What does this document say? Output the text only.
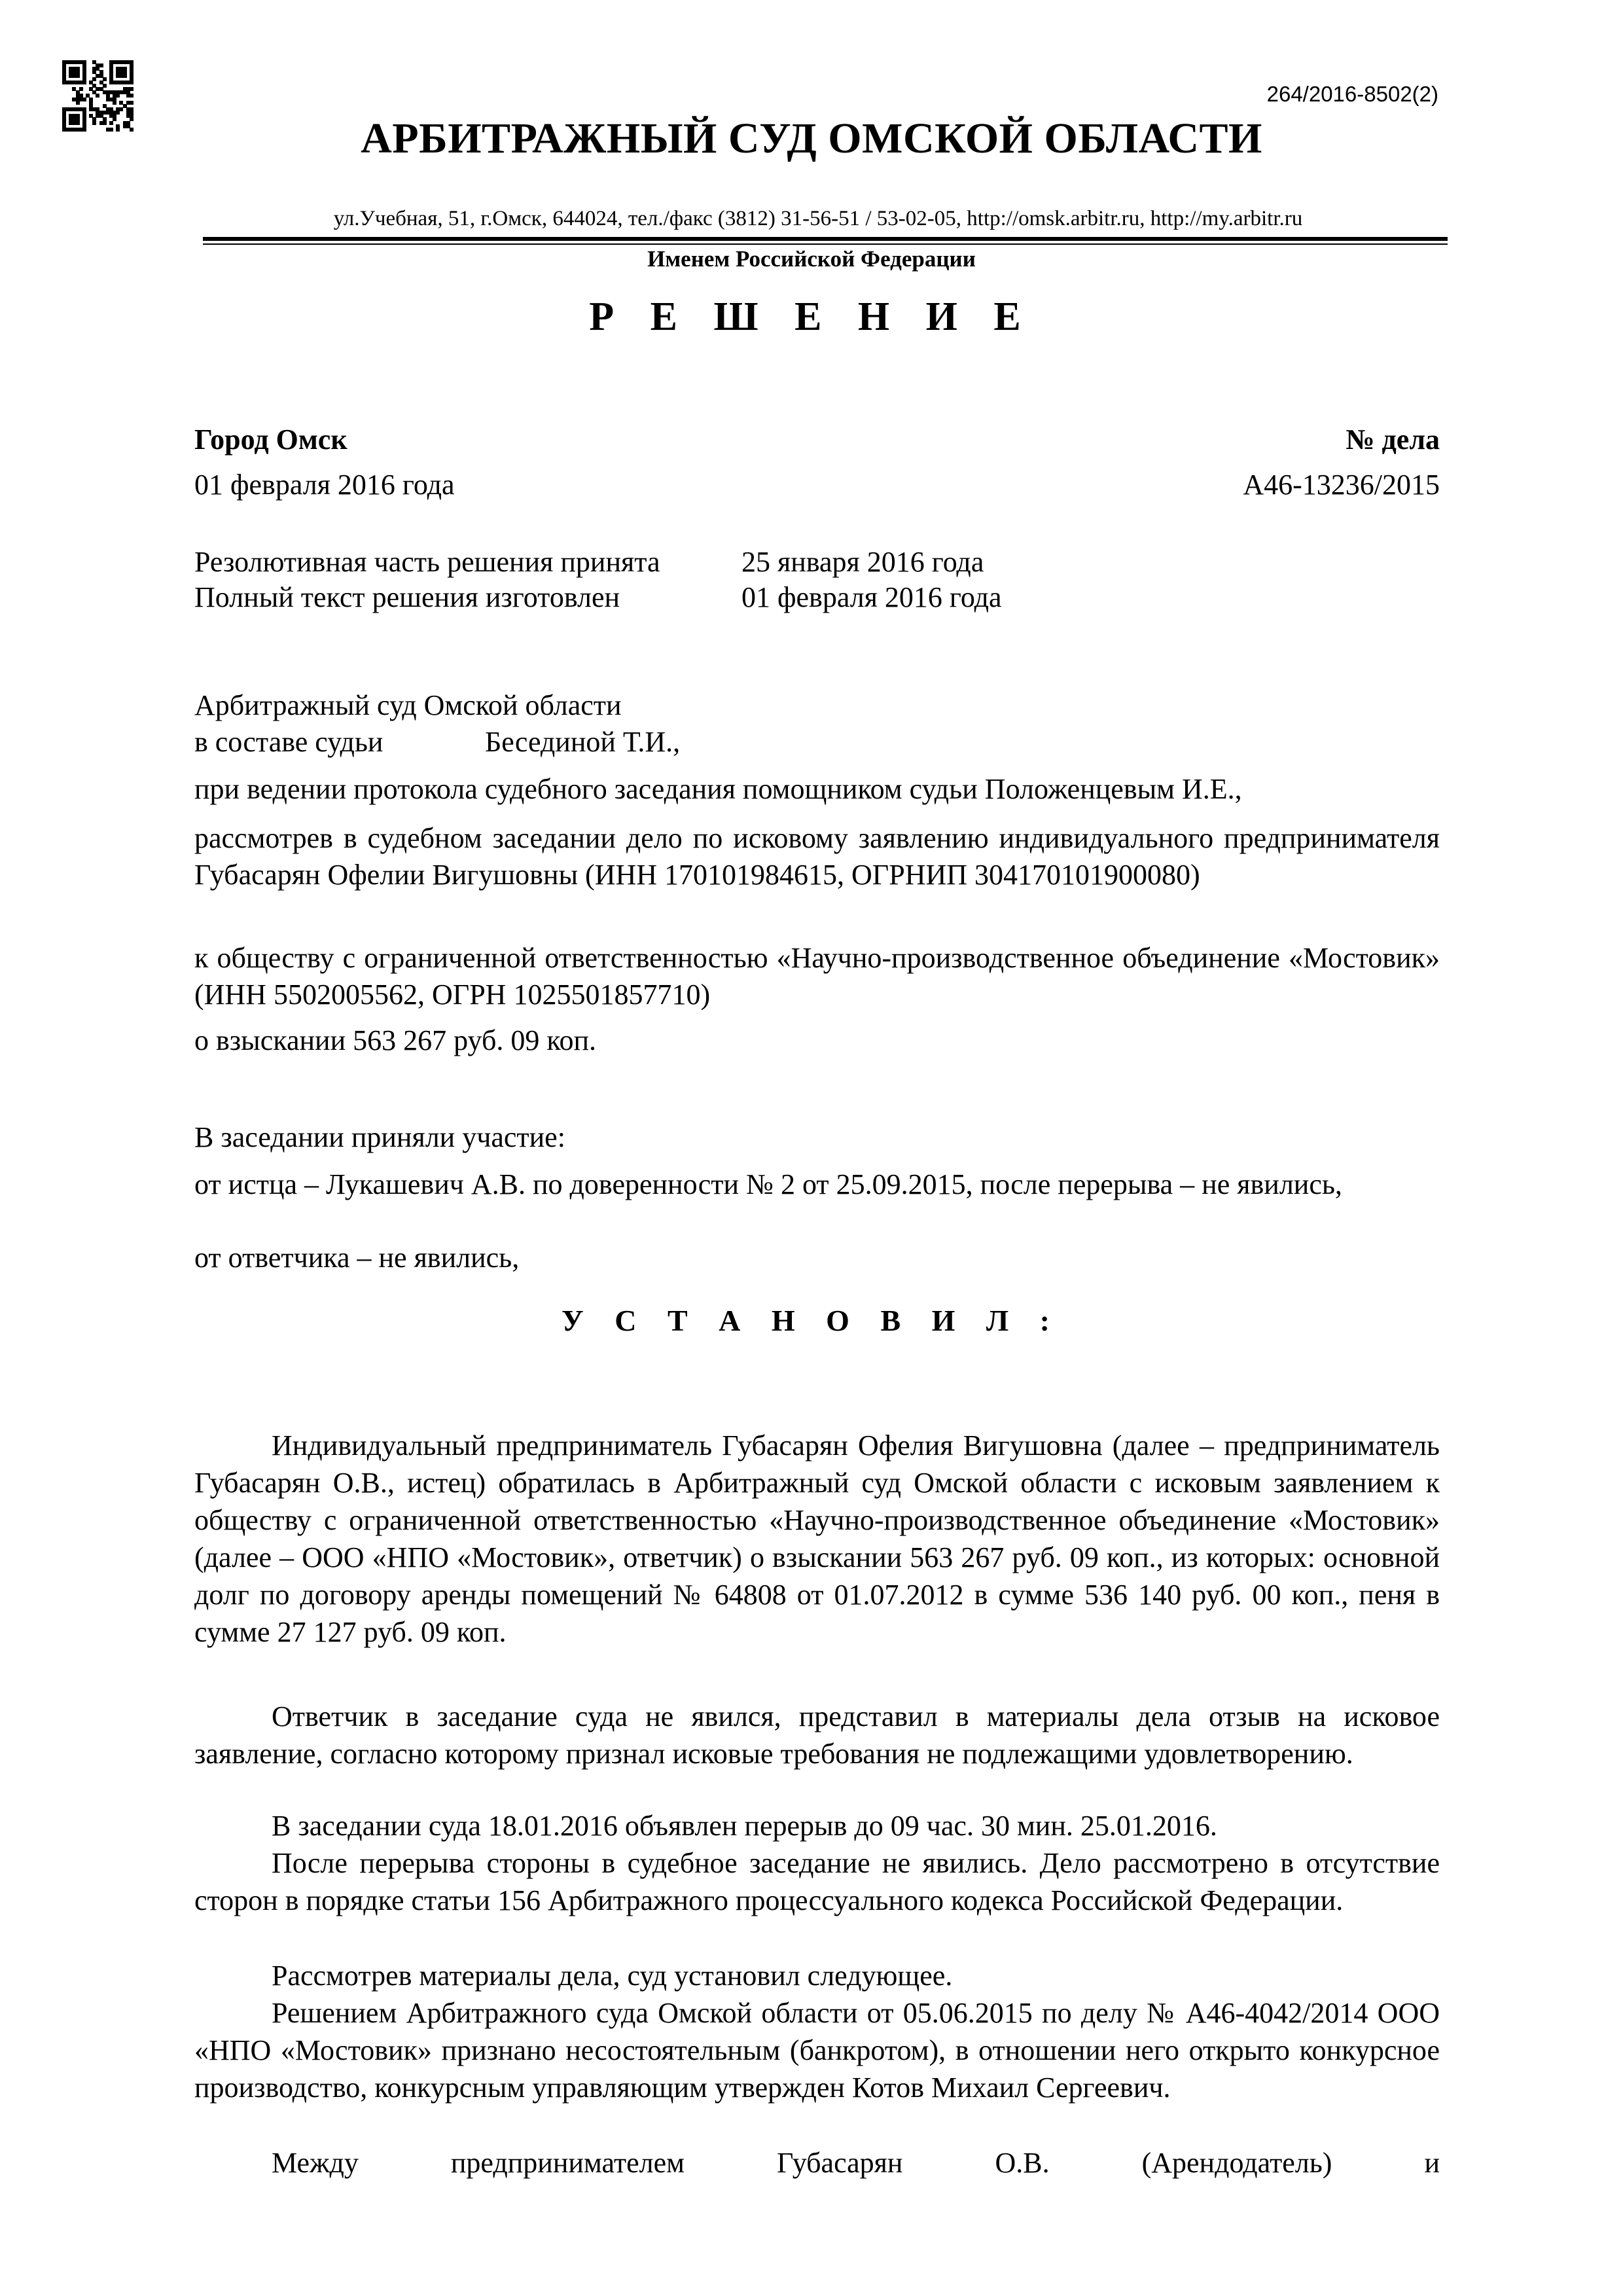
264/2016-8502(2)
АРБИТРАЖНЫЙ СУД ОМСКОЙ ОБЛАСТИ
ул.Учебная, 51, г.Омск, 644024, тел./факс (3812) 31-56-51 / 53-02-05, http://omsk.arbitr.ru, http://my.arbitr.ru
Именем Российской Федерации
Р Е Ш Е Н И Е
Город Омск	№ дела
01 февраля 2016 года	А46-13236/2015
Резолютивная часть решения принята	25 января 2016 года
Полный текст решения изготовлен	01 февраля 2016 года
Арбитражный суд Омской области
в составе судьи	Бесединой Т.И.,
при ведении протокола судебного заседания помощником судьи Положенцевым И.Е.,
рассмотрев в судебном заседании дело по исковому заявлению индивидуального предпринимателя Губасарян Офелии Вигушовны (ИНН 170101984615, ОГРНИП 304170101900080)
к обществу с ограниченной ответственностью «Научно-производственное объединение «Мостовик» (ИНН 5502005562, ОГРН 1025501857710)
о взыскании 563 267 руб. 09 коп.
В заседании приняли участие:
от истца – Лукашевич А.В. по доверенности № 2 от 25.09.2015, после перерыва – не явились,
от ответчика – не явились,
У С Т А Н О В И Л :
Индивидуальный предприниматель Губасарян Офелия Вигушовна (далее – предприниматель Губасарян О.В., истец) обратилась в Арбитражный суд Омской области с исковым заявлением к обществу с ограниченной ответственностью «Научно-производственное объединение «Мостовик» (далее – ООО «НПО «Мостовик», ответчик) о взыскании 563 267 руб. 09 коп., из которых: основной долг по договору аренды помещений № 64808 от 01.07.2012 в сумме 536 140 руб. 00 коп., пеня в сумме 27 127 руб. 09 коп.
Ответчик в заседание суда не явился, представил в материалы дела отзыв на исковое заявление, согласно которому признал исковые требования не подлежащими удовлетворению.
В заседании суда 18.01.2016 объявлен перерыв до 09 час. 30 мин. 25.01.2016.
После перерыва стороны в судебное заседание не явились. Дело рассмотрено в отсутствие сторон в порядке статьи 156 Арбитражного процессуального кодекса Российской Федерации.
Рассмотрев материалы дела, суд установил следующее.
Решением Арбитражного суда Омской области от 05.06.2015 по делу № А46-4042/2014 ООО «НПО «Мостовик» признано несостоятельным (банкротом), в отношении него открыто конкурсное производство, конкурсным управляющим утвержден Котов Михаил Сергеевич.
Между предпринимателем Губасарян О.В. (Арендодатель) и
